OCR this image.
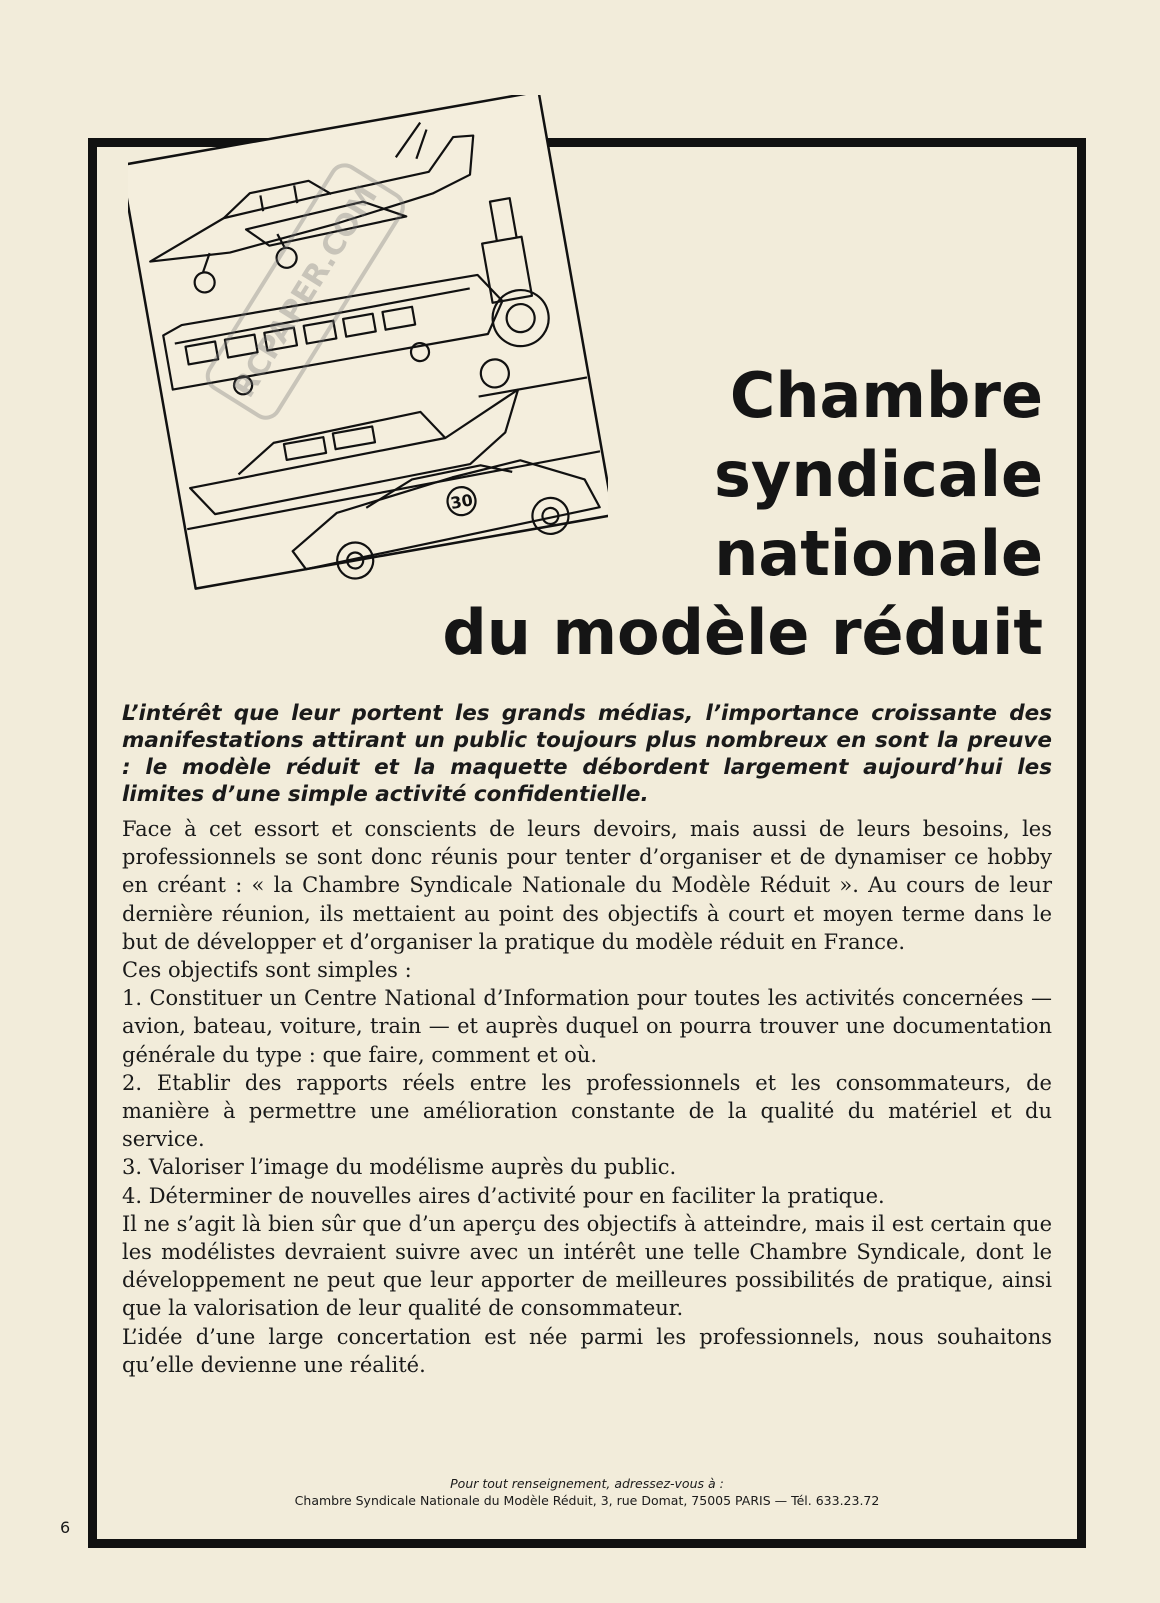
30
RCPAPER.COM	Chambre
syndicale
nationale
du modèle réduit

L’intérêt que leur portent les grands médias, l’importance croissante des manifestations attirant un public toujours plus nombreux en sont la preuve : le modèle réduit et la maquette débordent largement aujourd’hui les limites d’une simple activité confidentielle.

Face à cet essort et conscients de leurs devoirs, mais aussi de leurs besoins, les professionnels se sont donc réunis pour tenter d’organiser et de dynamiser ce hobby en créant : « la Chambre Syndicale Nationale du Modèle Réduit ». Au cours de leur dernière réunion, ils mettaient au point des objectifs à court et moyen terme dans le but de développer et d’organiser la pratique du modèle réduit en France.

Ces objectifs sont simples :

1. Constituer un Centre National d’Information pour toutes les activités concernées — avion, bateau, voiture, train — et auprès duquel on pourra trouver une documentation générale du type : que faire, comment et où.

2. Etablir des rapports réels entre les professionnels et les consommateurs, de manière à permettre une amélioration constante de la qualité du matériel et du service.

3. Valoriser l’image du modélisme auprès du public.

4. Déterminer de nouvelles aires d’activité pour en faciliter la pratique.

Il ne s’agit là bien sûr que d’un aperçu des objectifs à atteindre, mais il est certain que les modélistes devraient suivre avec un intérêt une telle Chambre Syndicale, dont le développement ne peut que leur apporter de meilleures possibilités de pratique, ainsi que la valorisation de leur qualité de consommateur.

L’idée d’une large concertation est née parmi les professionnels, nous souhaitons qu’elle devienne une réalité.

Pour tout renseignement, adressez-vous à :
Chambre Syndicale Nationale du Modèle Réduit, 3, rue Domat, 75005 PARIS — Tél. 633.23.72
6
